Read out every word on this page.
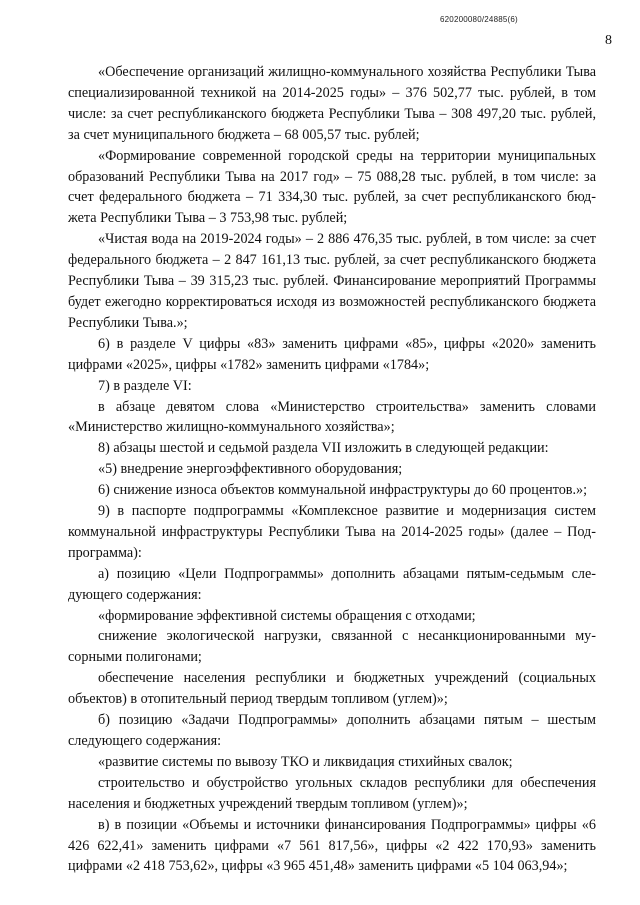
620200080/24885(6)
8

«Обеспечение организаций жилищно-коммунального хозяйства Республики Тыва специализированной техникой на 2014-2025 годы» – 376 502,77 тыс. рублей, в том числе: за счет республиканского бюджета Республики Тыва – 308 497,20 тыс. рублей, за счет муниципального бюджета – 68 005,57 тыс. рублей;

«Формирование современной городской среды на территории муниципальных образований Республики Тыва на 2017 год» – 75 088,28 тыс. рублей, в том числе: за счет федерального бюджета – 71 334,30 тыс. рублей, за счет республиканского бюджета Республики Тыва – 3 753,98 тыс. рублей;

«Чистая вода на 2019-2024 годы» – 2 886 476,35 тыс. рублей, в том числе: за счет федерального бюджета – 2 847 161,13 тыс. рублей, за счет республиканского бюджета Республики Тыва – 39 315,23 тыс. рублей. Финансирование мероприятий Программы будет ежегодно корректироваться исходя из возможностей республиканского бюджета Республики Тыва.»;

6) в разделе V цифры «83» заменить цифрами «85», цифры «2020» заменить цифрами «2025», цифры «1782» заменить цифрами «1784»;

7) в разделе VI:

в абзаце девятом слова «Министерство строительства» заменить словами «Министерство жилищно-коммунального хозяйства»;

8) абзацы шестой и седьмой раздела VII изложить в следующей редакции:

«5) внедрение энергоэффективного оборудования;

6) снижение износа объектов коммунальной инфраструктуры до 60 процентов.»;

9) в паспорте подпрограммы «Комплексное развитие и модернизация систем коммунальной инфраструктуры Республики Тыва на 2014-2025 годы» (далее – Подпрограмма):

а) позицию «Цели Подпрограммы» дополнить абзацами пятым-седьмым следующего содержания:

«формирование эффективной системы обращения с отходами;

снижение экологической нагрузки, связанной с несанкционированными мусорными полигонами;

обеспечение населения республики и бюджетных учреждений (социальных объектов) в отопительный период твердым топливом (углем)»;

б) позицию «Задачи Подпрограммы» дополнить абзацами пятым – шестым следующего содержания:

«развитие системы по вывозу ТКО и ликвидация стихийных свалок;

строительство и обустройство угольных складов республики для обеспечения населения и бюджетных учреждений твердым топливом (углем)»;

в) в позиции «Объемы и источники финансирования Подпрограммы» цифры «6 426 622,41» заменить цифрами «7 561 817,56», цифры «2 422 170,93» заменить цифрами «2 418 753,62», цифры «3 965 451,48» заменить цифрами «5 104 063,94»;
